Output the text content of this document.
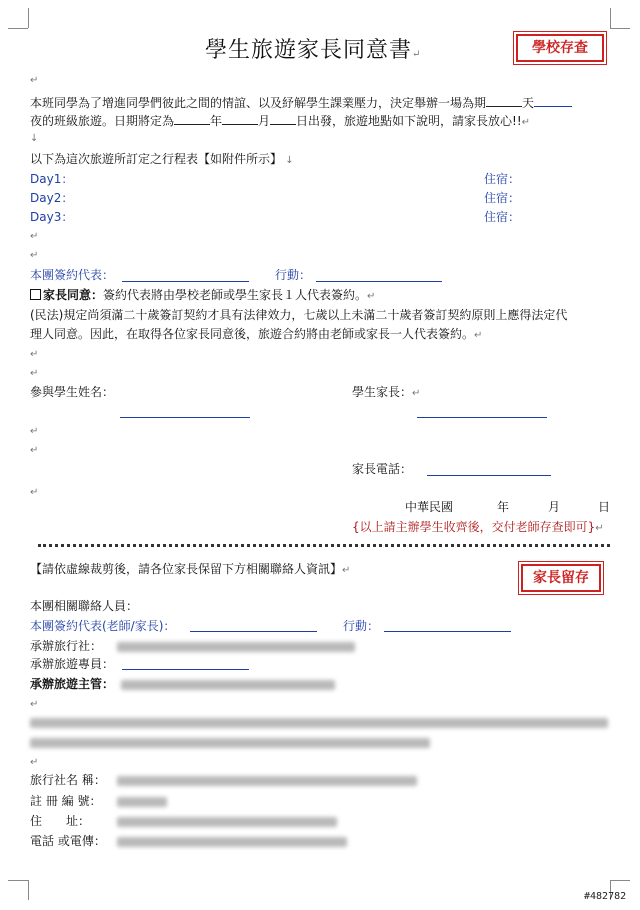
學生旅遊家長同意書↵	學校存查
↵
本班同學為了增進同學們彼此之間的情誼、以及紓解學生課業壓力，決定舉辦一場為期	天
夜的班級旅遊。日期將定為	年	月 日出發，旅遊地點如下說明，請家長放心!!↵
↓
以下為這次旅遊所訂定之行程表【如附件所示】 ↓
Day1：	住宿：
Day2：	住宿：
Day3：	住宿：
↵
↵
本團簽約代表：	行動：
家長同意：簽約代表將由學校老師或學生家長１人代表簽約。↵
(民法)規定尚須滿二十歲簽訂契約才具有法律效力，七歲以上未滿二十歲者簽訂契約原則上應得法定代
理人同意。因此，在取得各位家長同意後，旅遊合約將由老師或家長一人代表簽約。↵
↵
↵
參與學生姓名：	學生家長：↵
↵
↵
家長電話：
↵
中華民國	年	月	日
{以上請主辦學生收齊後，交付老師存查即可}↵
【請依虛線裁剪後，請各位家長保留下方相關聯絡人資訊】↵	家長留存
本團相關聯絡人員：
本團簽約代表(老師/家長)：	行動：
承辦旅行社：
承辦旅遊專員：
承辦旅遊主管：
↵
↵
旅行社名 稱：
註 冊 編 號：
住　　址：
電話 或電傳：
#482782
